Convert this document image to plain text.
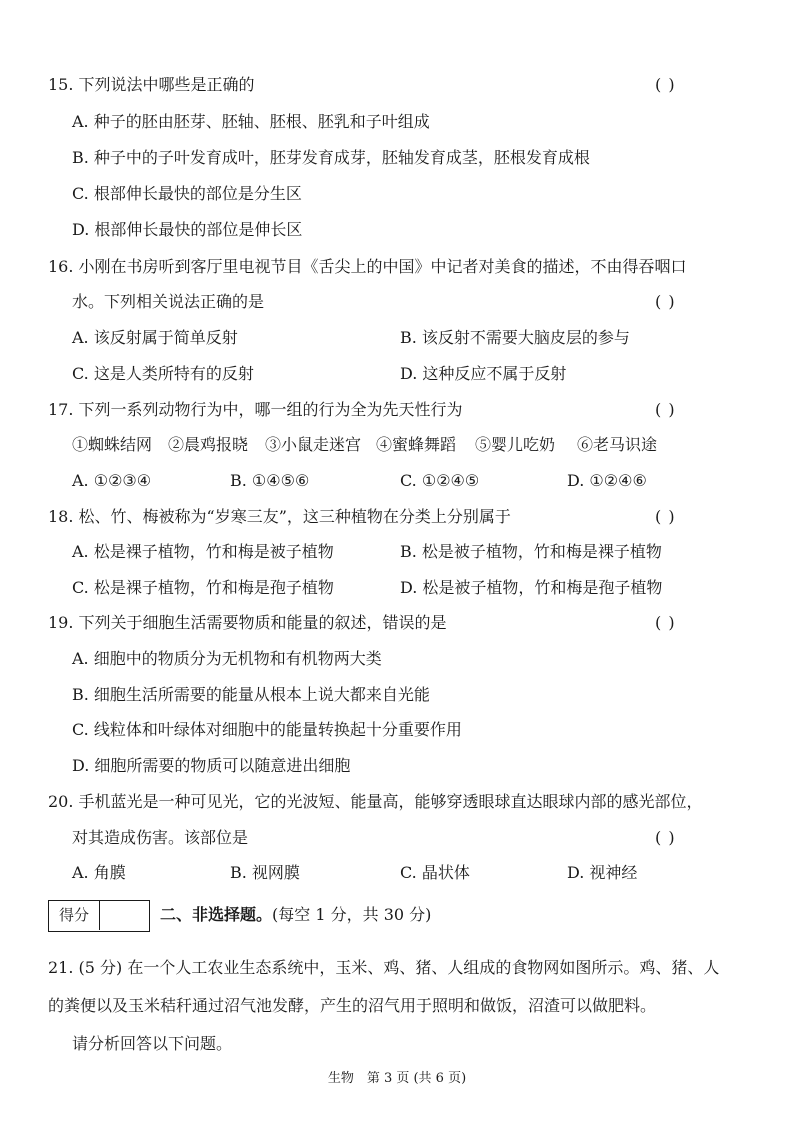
15. 下列说法中哪些是正确的	( )
A. 种子的胚由胚芽、胚轴、胚根、胚乳和子叶组成
B. 种子中的子叶发育成叶，胚芽发育成芽，胚轴发育成茎，胚根发育成根
C. 根部伸长最快的部位是分生区
D. 根部伸长最快的部位是伸长区
16. 小刚在书房听到客厅里电视节目《舌尖上的中国》中记者对美食的描述，不由得吞咽口
水。下列相关说法正确的是	( )
A. 该反射属于简单反射	B. 该反射不需要大脑皮层的参与
C. 这是人类所特有的反射	D. 这种反应不属于反射
17. 下列一系列动物行为中，哪一组的行为全为先天性行为	( )
①蜘蛛结网 ②晨鸡报晓 ③小鼠走迷宫 ④蜜蜂舞蹈 ⑤婴儿吃奶 ⑥老马识途
A. ①②③④	B. ①④⑤⑥	C. ①②④⑤	D. ①②④⑥
18. 松、竹、梅被称为“岁寒三友”，这三种植物在分类上分别属于	( )
A. 松是裸子植物，竹和梅是被子植物	B. 松是被子植物，竹和梅是裸子植物
C. 松是裸子植物，竹和梅是孢子植物	D. 松是被子植物，竹和梅是孢子植物
19. 下列关于细胞生活需要物质和能量的叙述，错误的是	( )
A. 细胞中的物质分为无机物和有机物两大类
B. 细胞生活所需要的能量从根本上说大都来自光能
C. 线粒体和叶绿体对细胞中的能量转换起十分重要作用
D. 细胞所需要的物质可以随意进出细胞
20. 手机蓝光是一种可见光，它的光波短、能量高，能够穿透眼球直达眼球内部的感光部位，
对其造成伤害。该部位是	( )
A. 角膜	B. 视网膜	C. 晶状体	D. 视神经
得分	二、非选择题。(每空 1 分，共 30 分)
21. (5 分) 在一个人工农业生态系统中，玉米、鸡、猪、人组成的食物网如图所示。鸡、猪、人
的粪便以及玉米秸秆通过沼气池发酵，产生的沼气用于照明和做饭，沼渣可以做肥料。
请分析回答以下问题。
生物　第 3 页 (共 6 页)
